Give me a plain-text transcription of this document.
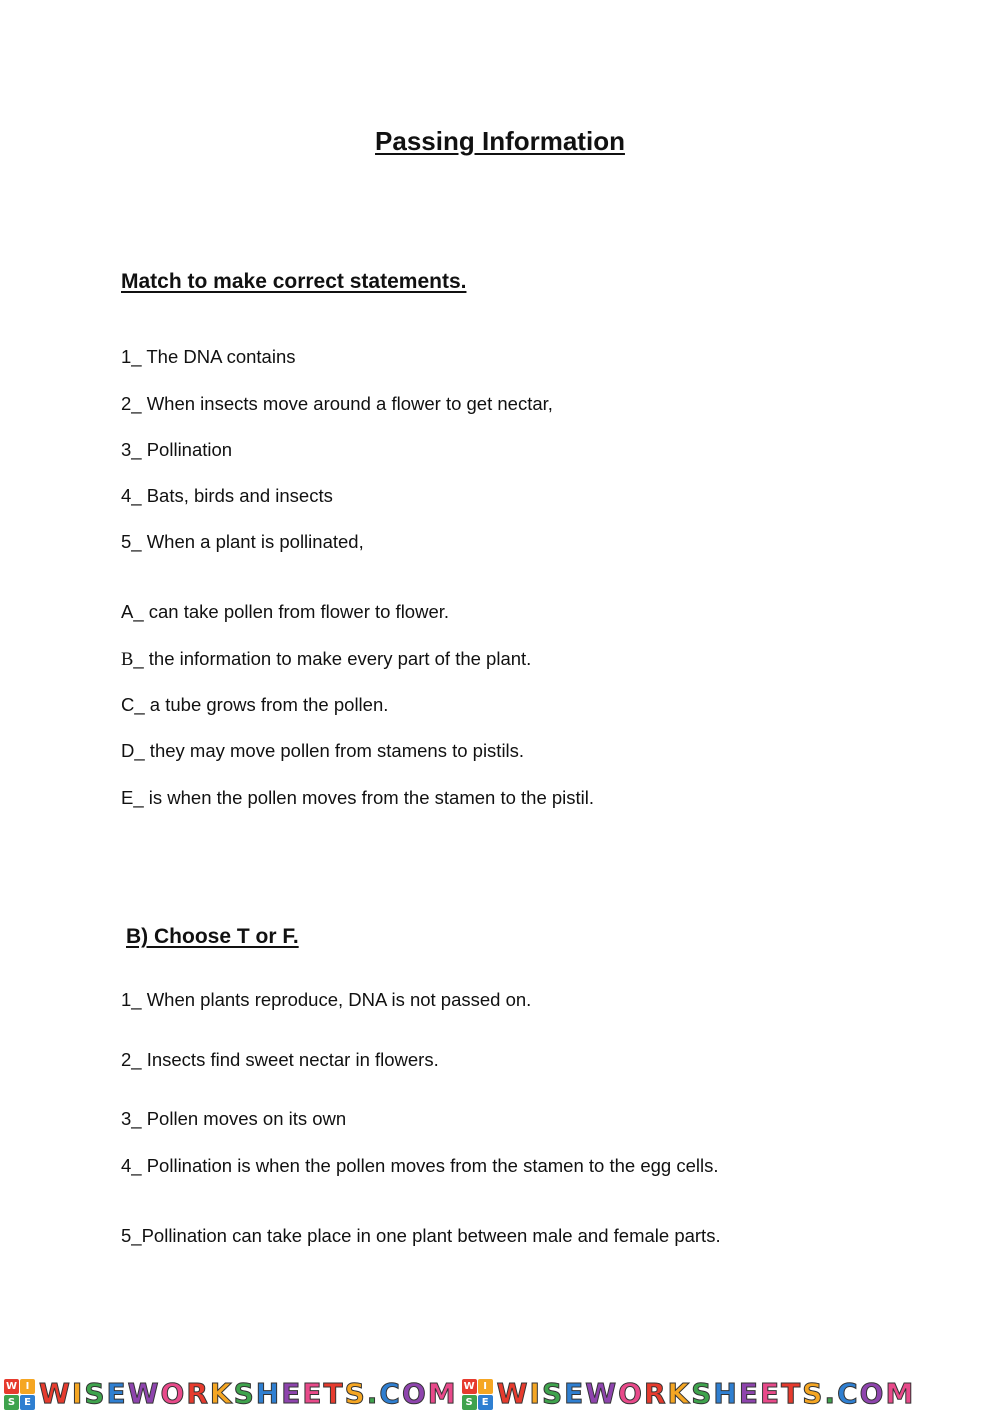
Passing Information
Match to make correct statements.
1_ The DNA contains
2_ When insects move around a flower to get nectar,
3_ Pollination
4_ Bats, birds and insects
5_ When a plant is pollinated,
A_ can take pollen from flower to flower.
B_ the information to make every part of the plant.
C_ a tube grows from the pollen.
D_ they may move pollen from stamens to pistils.
E_ is when the pollen moves from the stamen to the pistil.
B) Choose T or F.
1_ When plants reproduce, DNA is not passed on.
2_ Insects find sweet nectar in flowers.
3_ Pollen moves on its own
4_ Pollination is when the pollen moves from the stamen to the egg cells.
5_Pollination can take place in one plant between male and female parts.
W I
S E WISEWORKSHEETS.COM W I
S E WISEWORKSHEETS.COM
